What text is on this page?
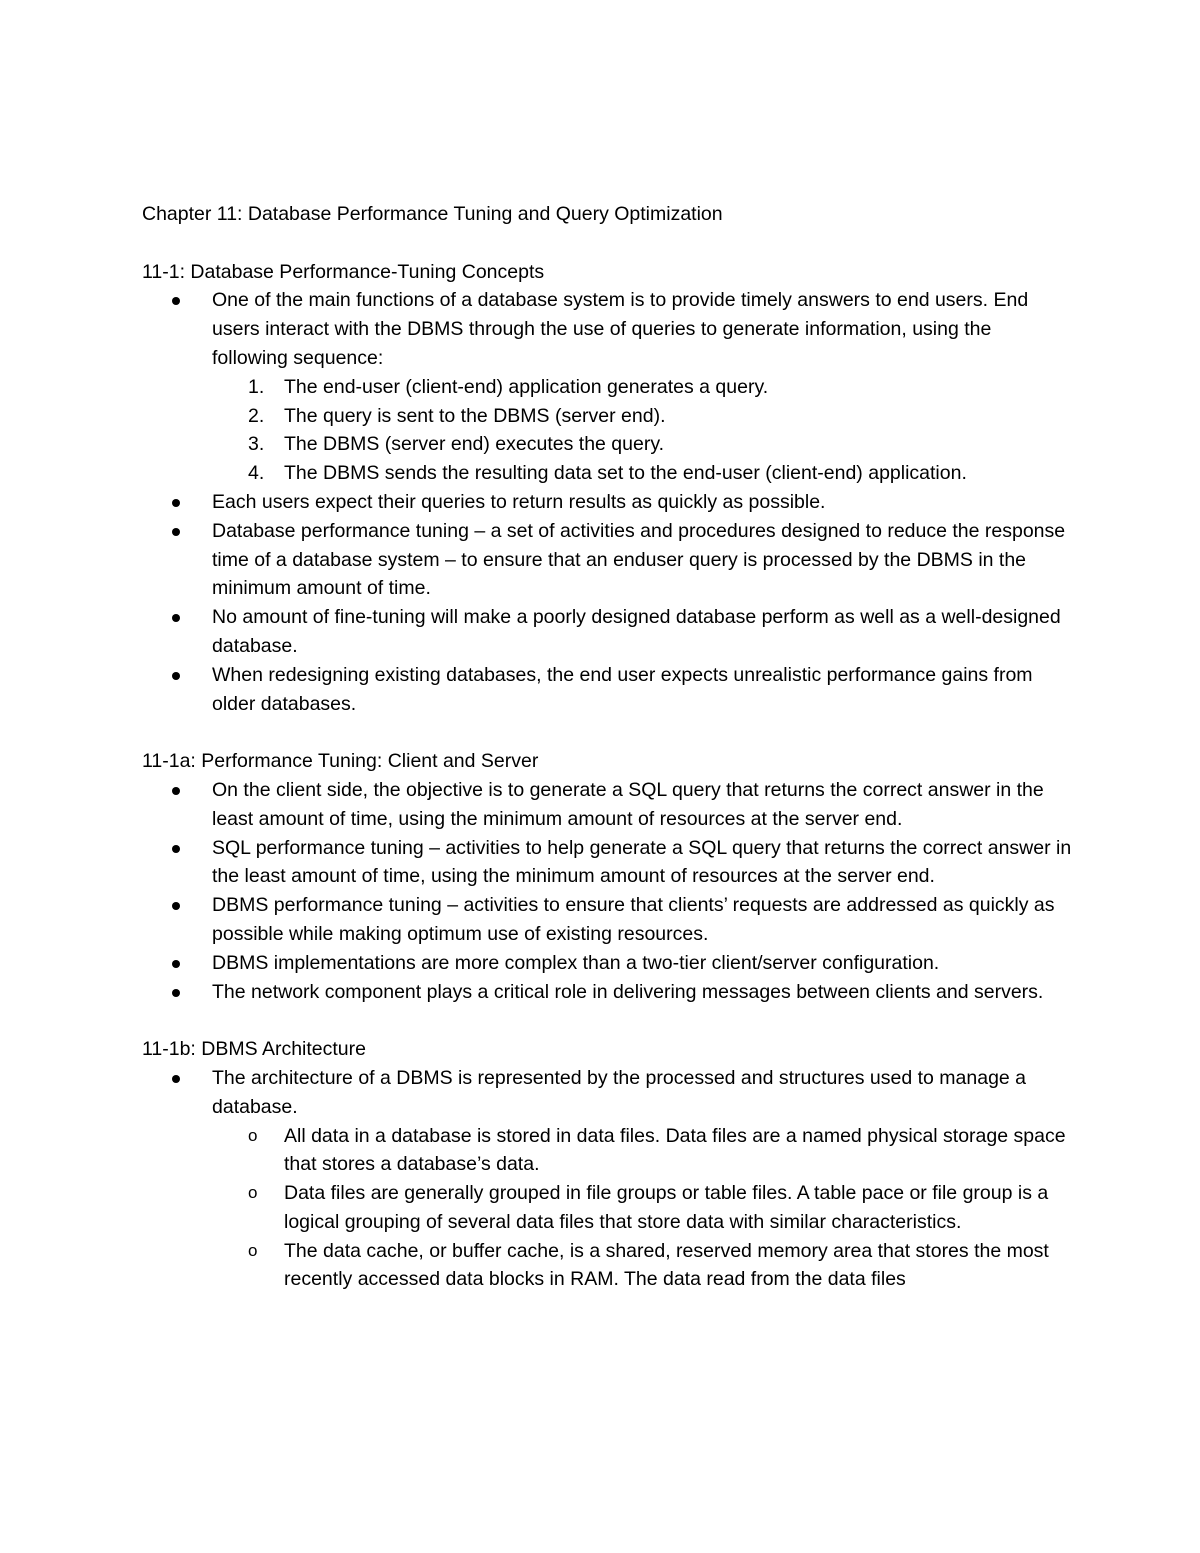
Chapter 11: Database Performance Tuning and Query Optimization
11-1: Database Performance-Tuning Concepts
One of the main functions of a database system is to provide timely answers to end users. End users interact with the DBMS through the use of queries to generate information, using the following sequence:
1. The end-user (client-end) application generates a query.
2. The query is sent to the DBMS (server end).
3. The DBMS (server end) executes the query.
4. The DBMS sends the resulting data set to the end-user (client-end) application.
Each users expect their queries to return results as quickly as possible.
Database performance tuning – a set of activities and procedures designed to reduce the response time of a database system – to ensure that an enduser query is processed by the DBMS in the minimum amount of time.
No amount of fine-tuning will make a poorly designed database perform as well as a well-designed database.
When redesigning existing databases, the end user expects unrealistic performance gains from older databases.
11-1a: Performance Tuning: Client and Server
On the client side, the objective is to generate a SQL query that returns the correct answer in the least amount of time, using the minimum amount of resources at the server end.
SQL performance tuning – activities to help generate a SQL query that returns the correct answer in the least amount of time, using the minimum amount of resources at the server end.
DBMS performance tuning – activities to ensure that clients’ requests are addressed as quickly as possible while making optimum use of existing resources.
DBMS implementations are more complex than a two-tier client/server configuration.
The network component plays a critical role in delivering messages between clients and servers.
11-1b: DBMS Architecture
The architecture of a DBMS is represented by the processed and structures used to manage a database.
o All data in a database is stored in data files. Data files are a named physical storage space that stores a database’s data.
o Data files are generally grouped in file groups or table files. A table pace or file group is a logical grouping of several data files that store data with similar characteristics.
o The data cache, or buffer cache, is a shared, reserved memory area that stores the most recently accessed data blocks in RAM. The data read from the data files
